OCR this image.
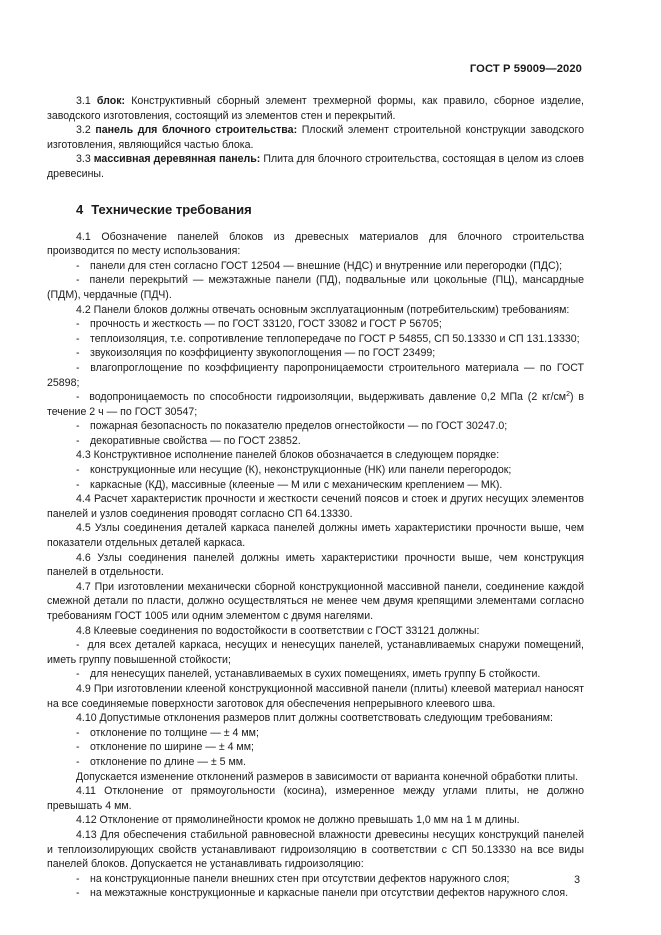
ГОСТ Р 59009—2020

3.1 блок: Конструктивный сборный элемент трехмерной формы, как правило, сборное изделие, заводского изготовления, состоящий из элементов стен и перекрытий.

3.2 панель для блочного строительства: Плоский элемент строительной конструкции заводского изготовления, являющийся частью блока.

3.3 массивная деревянная панель: Плита для блочного строительства, состоящая в целом из слоев древесины.

4 Технические требования

4.1 Обозначение панелей блоков из древесных материалов для блочного строительства производится по месту использования:

- панели для стен согласно ГОСТ 12504 — внешние (НДС) и внутренние или перегородки (ПДС);

-  панели перекрытий — межэтажные панели (ПД), подвальные или цокольные (ПЦ), мансардные (ПДМ), чердачные (ПДЧ).

4.2 Панели блоков должны отвечать основным эксплуатационным (потребительским) требованиям:

- прочность и жесткость — по ГОСТ 33120, ГОСТ 33082 и ГОСТ Р 56705;

- теплоизоляция, т.е. сопротивление теплопередаче по ГОСТ Р 54855, СП 50.13330 и СП 131.13330;

- звукоизоляция по коэффициенту звукопоглощения — по ГОСТ 23499;

-  влагопроглощение по коэффициенту паропроницаемости строительного материала — по ГОСТ 25898;

-  водопроницаемость по способности гидроизоляции, выдерживать давление 0,2 МПа (2 $кг/см^2$) в течение 2 ч — по ГОСТ 30547;

- пожарная безопасность по показателю пределов огнестойкости — по ГОСТ 30247.0;

- декоративные свойства — по ГОСТ 23852.

4.3 Конструктивное исполнение панелей блоков обозначается в следующем порядке:

- конструкционные или несущие (К), неконструкционные (НК) или панели перегородок;

- каркасные (КД), массивные (клееные — М или с механическим креплением — МК).

4.4 Расчет характеристик прочности и жесткости сечений поясов и стоек и других несущих элементов панелей и узлов соединения проводят согласно СП 64.13330.

4.5 Узлы соединения деталей каркаса панелей должны иметь характеристики прочности выше, чем показатели отдельных деталей каркаса.

4.6 Узлы соединения панелей должны иметь характеристики прочности выше, чем конструкция панелей в отдельности.

4.7 При изготовлении механически сборной конструкционной массивной панели, соединение каждой смежной детали по пласти, должно осуществляться не менее чем двумя крепящими элементами согласно требованиям ГОСТ 1005 или одним элементом с двумя нагелями.

4.8 Клеевые соединения по водостойкости в соответствии с ГОСТ 33121 должны:

-  для всех деталей каркаса, несущих и ненесущих панелей, устанавливаемых снаружи помещений, иметь группу повышенной стойкости;

- для ненесущих панелей, устанавливаемых в сухих помещениях, иметь группу Б стойкости.

4.9 При изготовлении клееной конструкционной массивной панели (плиты) клеевой материал наносят на все соединяемые поверхности заготовок для обеспечения непрерывного клеевого шва.

4.10 Допустимые отклонения размеров плит должны соответствовать следующим требованиям:

- отклонение по толщине — ± 4 мм;

- отклонение по ширине — ± 4 мм;

- отклонение по длине — ± 5 мм.

Допускается изменение отклонений размеров в зависимости от варианта конечной обработки плиты.

4.11 Отклонение от прямоугольности (косина), измеренное между углами плиты, не должно превышать 4 мм.

4.12 Отклонение от прямолинейности кромок не должно превышать 1,0 мм на 1 м длины.

4.13 Для обеспечения стабильной равновесной влажности древесины несущих конструкций панелей и теплоизолирующих свойств устанавливают гидроизоляцию в соответствии с СП 50.13330 на все виды панелей блоков. Допускается не устанавливать гидроизоляцию:

- на конструкционные панели внешних стен при отсутствии дефектов наружного слоя;

- на межэтажные конструкционные и каркасные панели при отсутствии дефектов наружного слоя.

3
